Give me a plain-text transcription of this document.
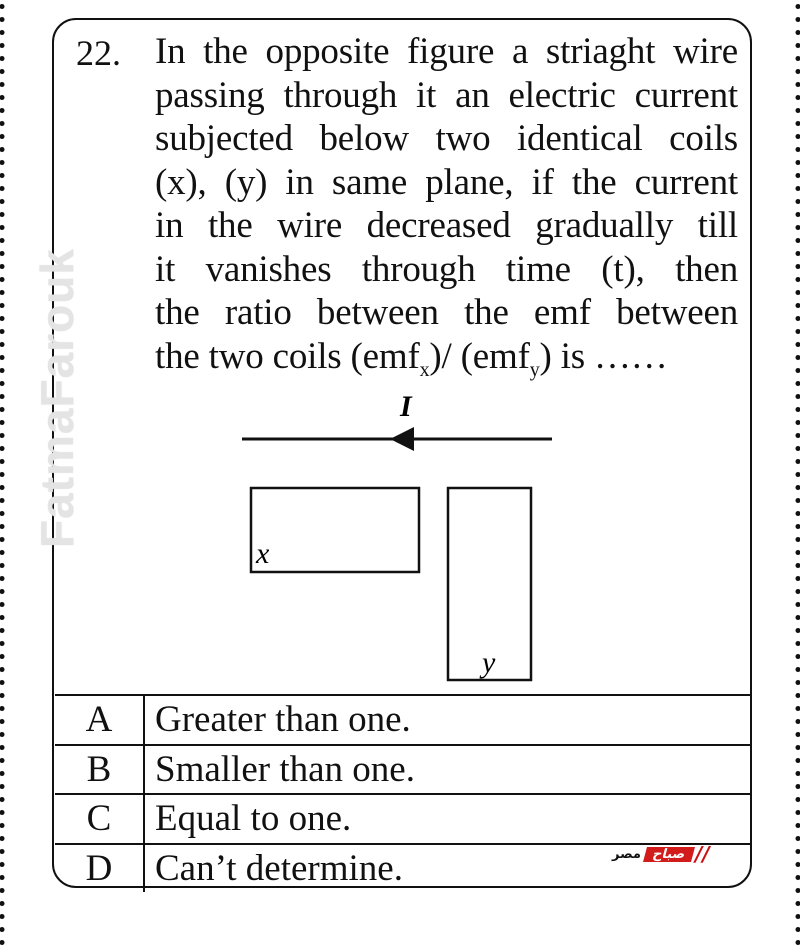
FatmaFarouk
22. In the opposite figure a striaght wire
passing through it an electric current
subjected below two identical coils
(x), (y) in same plane, if the current
in the wire decreased gradually till
it vanishes through time (t), then
the ratio between the emf between
the two coils (emf$_x$)/ (emf$_y$) is ……
I
x
y
A	Greater than one.
B	Smaller than one.
C	Equal to one.
D	Can’t determine.	مصر صباح //
